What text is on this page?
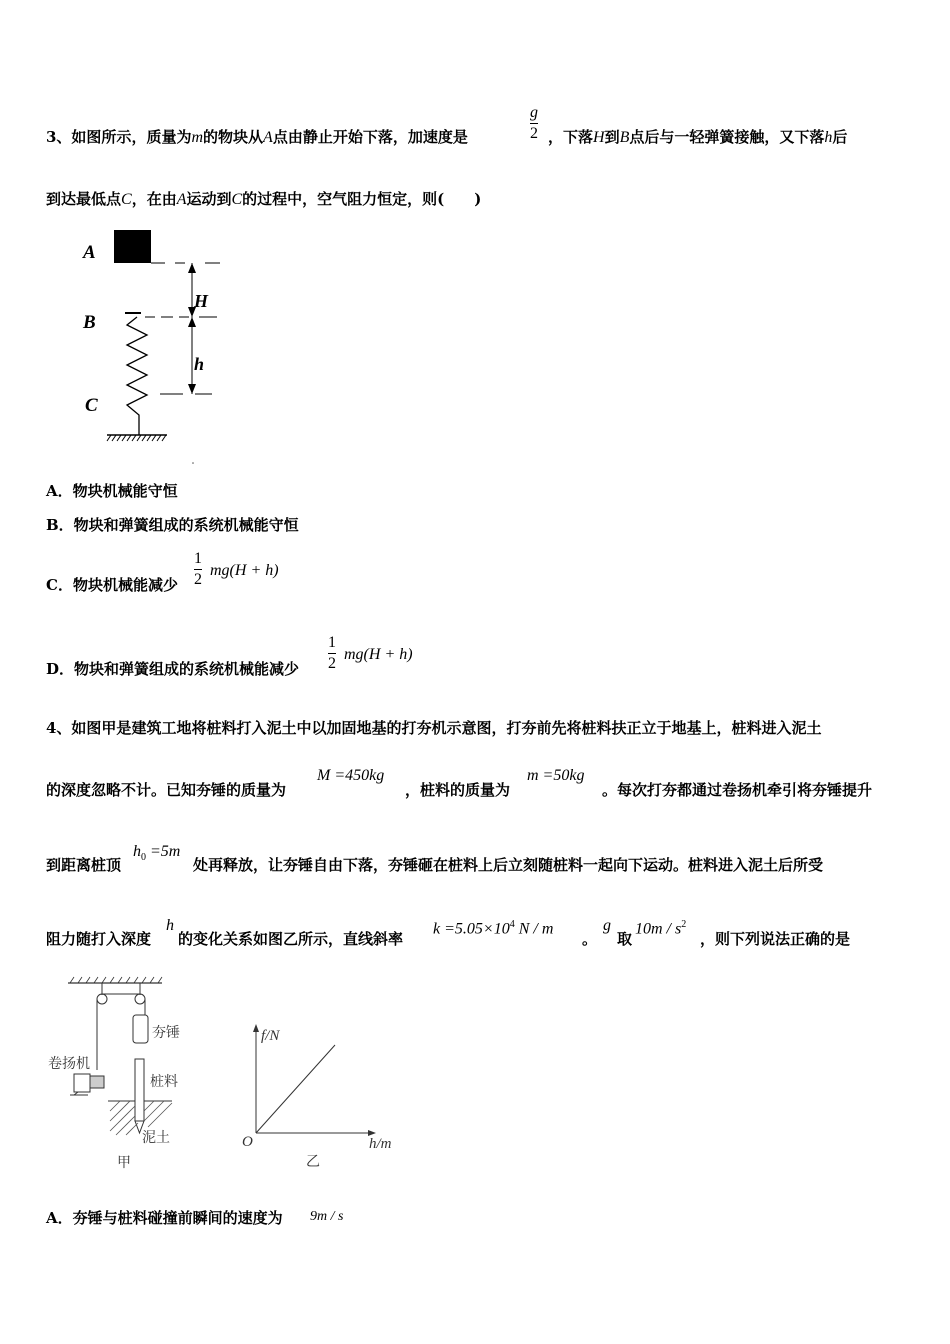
3、如图所示，质量为m的物块从A点由静止开始下落，加速度是
g
2 ，下落H到B点后与一轻弹簧接触，又下落h后
到达最低点C，在由A运动到C的过程中，空气阻力恒定，则(　　)
A
B
C
H
h
A．物块机械能守恒
B．物块和弹簧组成的系统机械能守恒
C．物块机械能减少
1
2
mg(H + h)
D．物块和弹簧组成的系统机械能减少
1
2
mg(H + h)
4、如图甲是建筑工地将桩料打入泥土中以加固地基的打夯机示意图，打夯前先将桩料扶正立于地基上，桩料进入泥土
的深度忽略不计。已知夯锤的质量为
M =450kg
，桩料的质量为
m =50kg
。每次打夯都通过卷扬机牵引将夯锤提升
到距离桩顶
$h_0 =5m$
处再释放，让夯锤自由下落，夯锤砸在桩料上后立刻随桩料一起向下运动。桩料进入泥土后所受
阻力随打入深度
h
的变化关系如图乙所示，直线斜率
$k =5.05\times 10^4$ N / m
。
g
取
$10m / s^2$
，则下列说法正确的是
夯锤
卷扬机
桩料
泥土
甲
f/N
h/m
O
乙
A．夯锤与桩料碰撞前瞬间的速度为 9m / s
